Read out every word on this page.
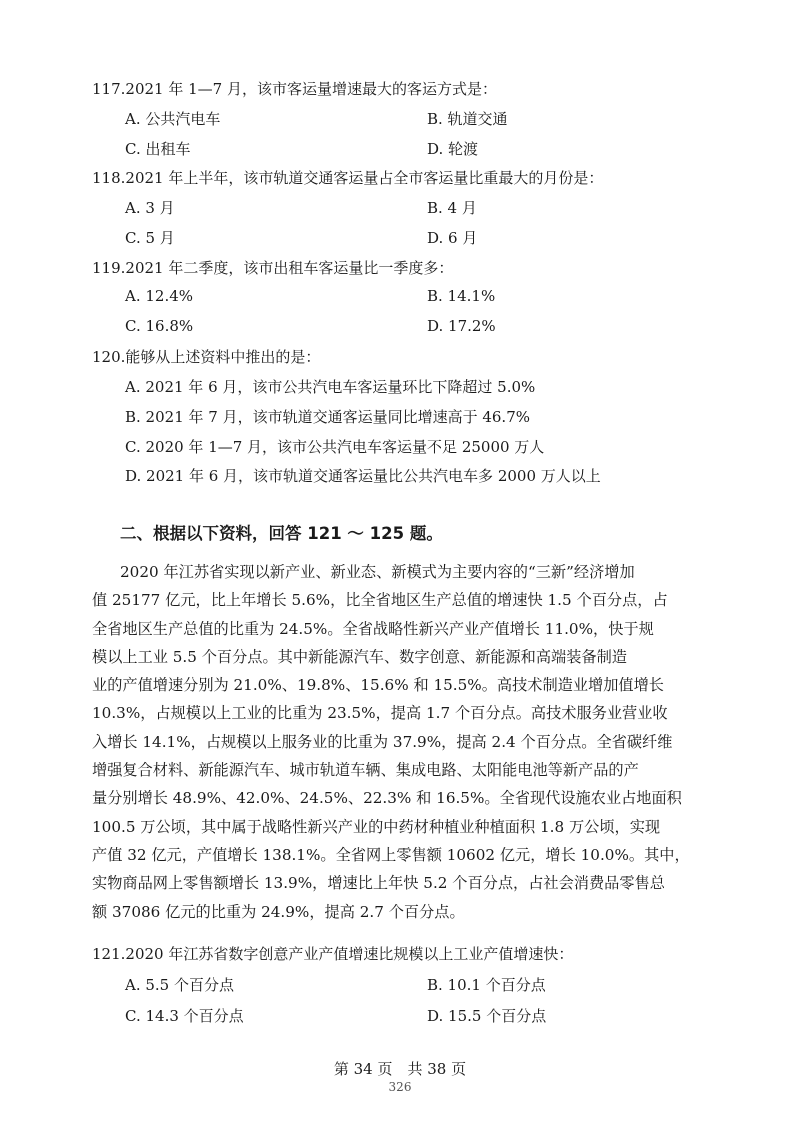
117.2021 年 1—7 月，该市客运量增速最大的客运方式是：
A. 公共汽电车	B. 轨道交通
C. 出租车	D. 轮渡
118.2021 年上半年，该市轨道交通客运量占全市客运量比重最大的月份是：
A. 3 月	B. 4 月
C. 5 月	D. 6 月
119.2021 年二季度，该市出租车客运量比一季度多：
A. 12.4%	B. 14.1%
C. 16.8%	D. 17.2%
120.能够从上述资料中推出的是：
A. 2021 年 6 月，该市公共汽电车客运量环比下降超过 5.0%
B. 2021 年 7 月，该市轨道交通客运量同比增速高于 46.7%
C. 2020 年 1—7 月，该市公共汽电车客运量不足 25000 万人
D. 2021 年 6 月，该市轨道交通客运量比公共汽电车多 2000 万人以上
二、根据以下资料，回答 121 ～ 125 题。
2020 年江苏省实现以新产业、新业态、新模式为主要内容的“三新”经济增加
值 25177 亿元，比上年增长 5.6%，比全省地区生产总值的增速快 1.5 个百分点，占
全省地区生产总值的比重为 24.5%。全省战略性新兴产业产值增长 11.0%，快于规
模以上工业 5.5 个百分点。其中新能源汽车、数字创意、新能源和高端装备制造
业的产值增速分别为 21.0%、19.8%、15.6% 和 15.5%。高技术制造业增加值增长
10.3%，占规模以上工业的比重为 23.5%，提高 1.7 个百分点。高技术服务业营业收
入增长 14.1%，占规模以上服务业的比重为 37.9%，提高 2.4 个百分点。全省碳纤维
增强复合材料、新能源汽车、城市轨道车辆、集成电路、太阳能电池等新产品的产
量分别增长 48.9%、42.0%、24.5%、22.3% 和 16.5%。全省现代设施农业占地面积
100.5 万公顷，其中属于战略性新兴产业的中药材种植业种植面积 1.8 万公顷，实现
产值 32 亿元，产值增长 138.1%。全省网上零售额 10602 亿元，增长 10.0%。其中，
实物商品网上零售额增长 13.9%，增速比上年快 5.2 个百分点，占社会消费品零售总
额 37086 亿元的比重为 24.9%，提高 2.7 个百分点。
121.2020 年江苏省数字创意产业产值增速比规模以上工业产值增速快：
A. 5.5 个百分点	B. 10.1 个百分点
C. 14.3 个百分点	D. 15.5 个百分点
第 34 页　共 38 页
326
